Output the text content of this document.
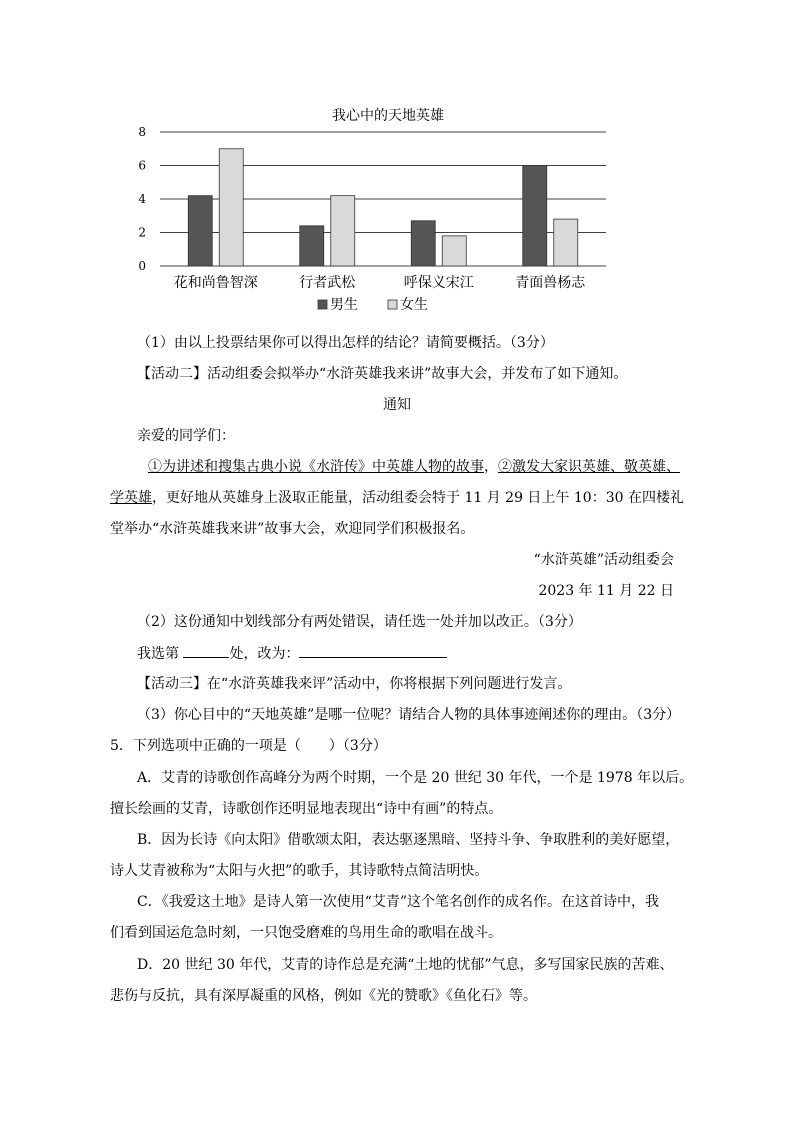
我心中的天地英雄
0
2
4
6
8
花和尚鲁智深	行者武松	呼保义宋江	青面兽杨志
男生	女生
（1）由以上投票结果你可以得出怎样的结论？请简要概括。（3分）
【活动二】活动组委会拟举办“水浒英雄我来讲”故事大会，并发布了如下通知。
通知
亲爱的同学们：
①为讲述和搜集古典小说《水浒传》中英雄人物的故事，②激发大家识英雄、敬英雄、
学英雄，更好地从英雄身上汲取正能量，活动组委会特于 11 月 29 日上午 10：30 在四楼礼
堂举办“水浒英雄我来讲”故事大会，欢迎同学们积极报名。
“水浒英雄”活动组委会
2023 年 11 月 22 日
（2）这份通知中划线部分有两处错误，请任选一处并加以改正。（3分）
我选第	处，改为：
【活动三】在“水浒英雄我来评”活动中，你将根据下列问题进行发言。
（3）你心目中的“天地英雄”是哪一位呢？请结合人物的具体事迹阐述你的理由。（3分）
5．下列选项中正确的一项是（　　）（3分）
A．艾青的诗歌创作高峰分为两个时期，一个是 20 世纪 30 年代，一个是 1978 年以后。
擅长绘画的艾青，诗歌创作还明显地表现出“诗中有画”的特点。
B．因为长诗《向太阳》借歌颂太阳，表达驱逐黑暗、坚持斗争、争取胜利的美好愿望，
诗人艾青被称为“太阳与火把”的歌手，其诗歌特点简洁明快。
C．《我爱这土地》是诗人第一次使用“艾青”这个笔名创作的成名作。在这首诗中，我
们看到国运危急时刻，一只饱受磨难的鸟用生命的歌唱在战斗。
D．20 世纪 30 年代，艾青的诗作总是充满“土地的忧郁”气息，多写国家民族的苦难、
悲伤与反抗，具有深厚凝重的风格，例如《光的赞歌》《鱼化石》等。
